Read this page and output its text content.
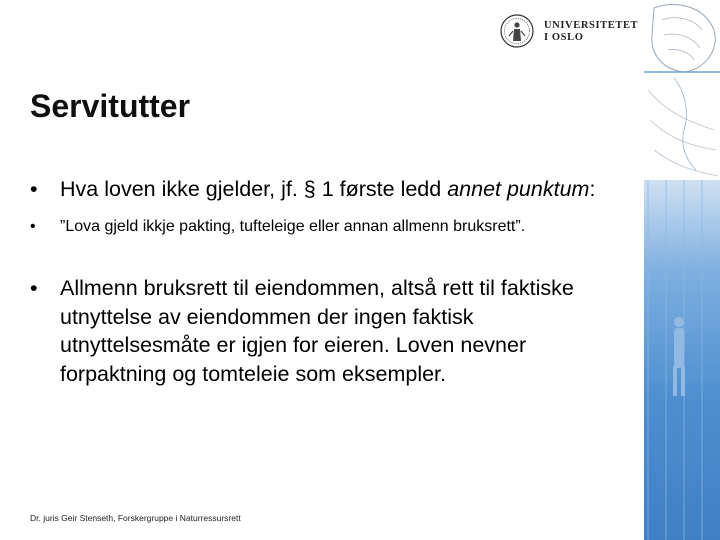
UNIVERSITETET
I OSLO
Servitutter
• Hva loven ikke gjelder, jf. § 1 første ledd annet punktum:
• ”Lova gjeld ikkje pakting, tufteleige eller annan allmenn bruksrett”.
• Allmenn bruksrett til eiendommen, altså rett til faktiske utnyttelse av eiendommen der ingen faktisk utnyttelsesmåte er igjen for eieren. Loven nevner forpaktning og tomteleie som eksempler.
Dr. juris Geir Stenseth, Forskergruppe i Naturressursrett
